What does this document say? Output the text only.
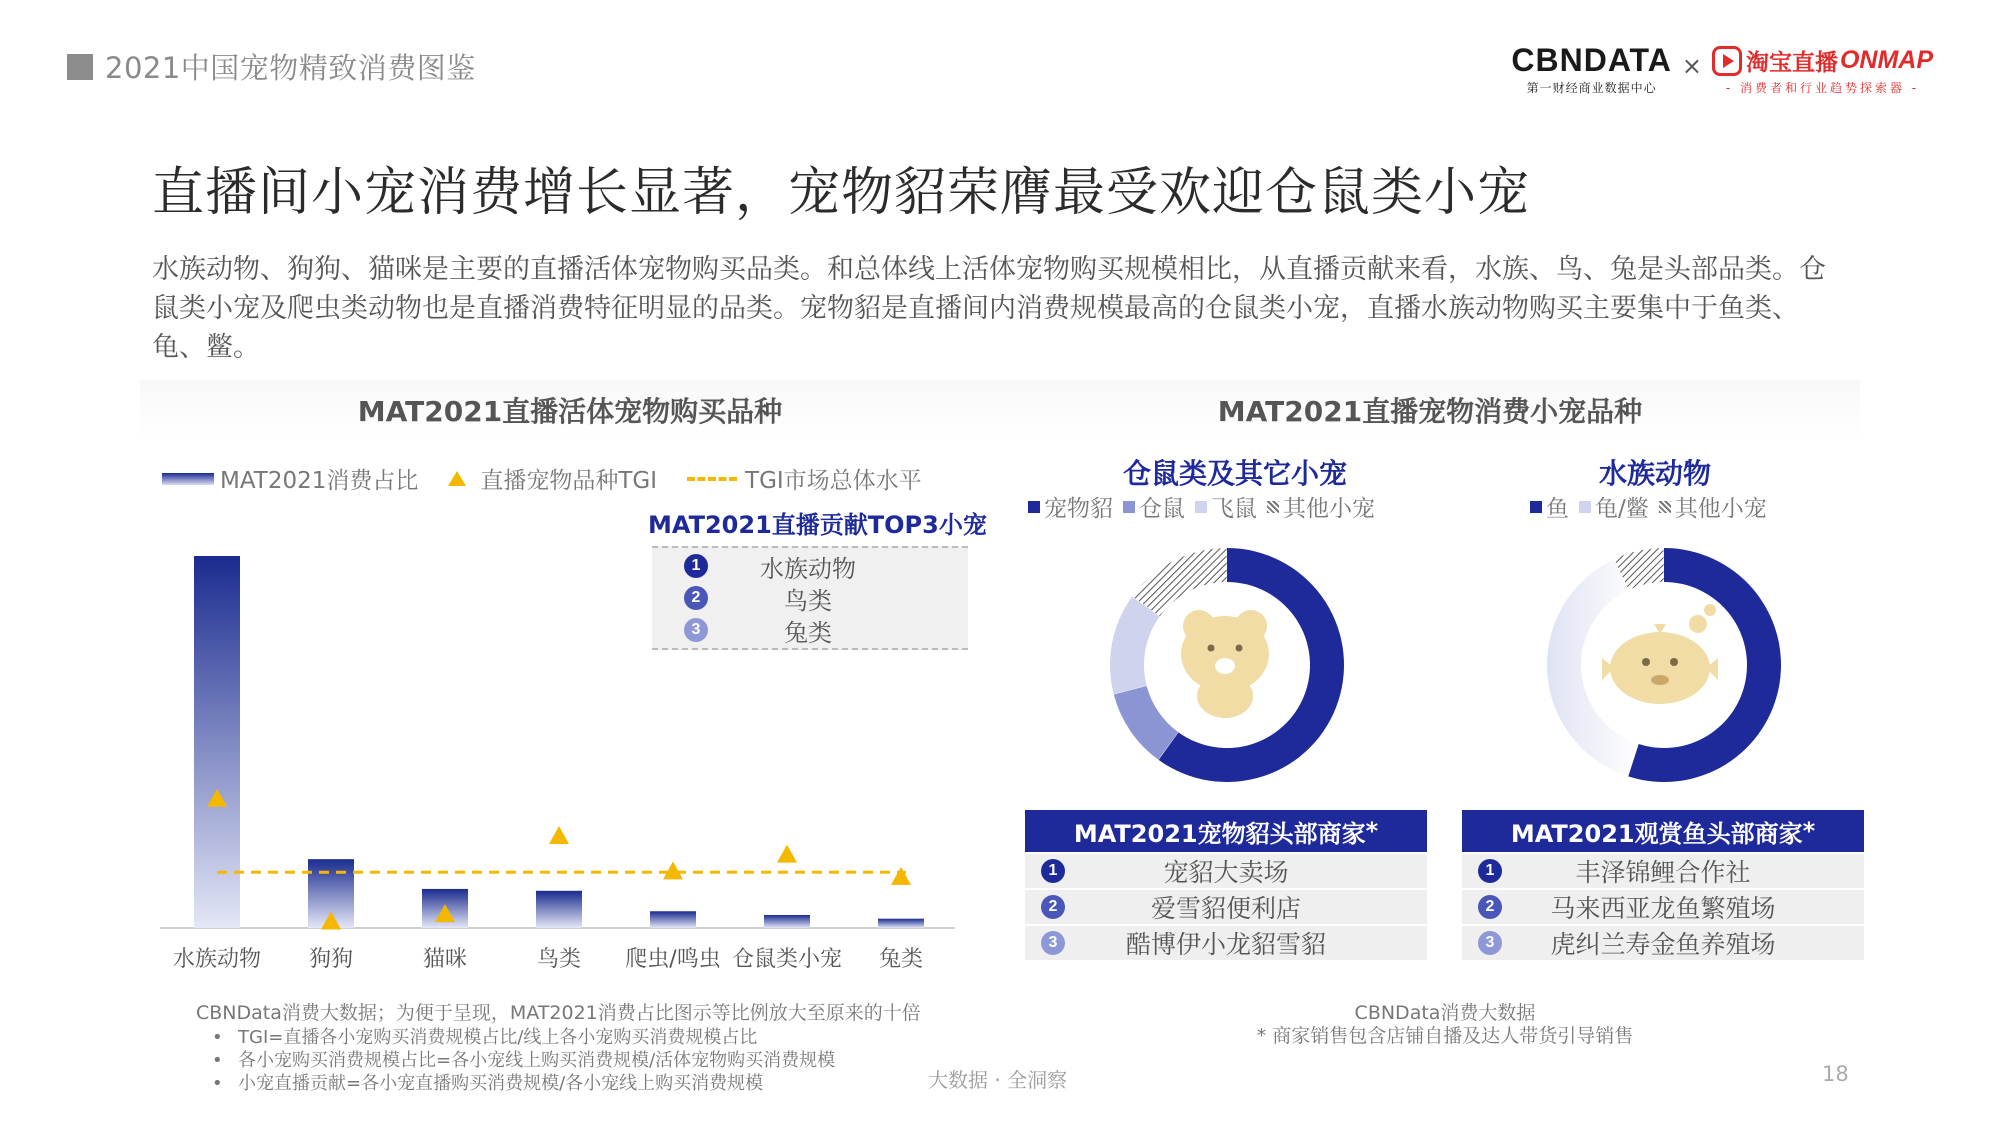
2021中国宠物精致消费图鉴	CBNDATA
第一财经商业数据中心
× 淘宝直播 ONMAP
- 消费者和行业趋势探索器 -
直播间小宠消费增长显著，宠物貂荣膺最受欢迎仓鼠类小宠
水族动物、狗狗、猫咪是主要的直播活体宠物购买品类。和总体线上活体宠物购买规模相比，从直播贡献来看，水族、鸟、兔是头部品类。仓鼠类小宠及爬虫类动物也是直播消费特征明显的品类。宠物貂是直播间内消费规模最高的仓鼠类小宠，直播水族动物购买主要集中于鱼类、龟、鳖。
MAT2021直播活体宠物购买品种	MAT2021直播宠物消费小宠品种
MAT2021消费占比	直播宠物品种TGI	TGI市场总体水平
MAT2021直播贡献TOP3小宠
1	水族动物
2	鸟类
3	兔类
仓鼠类及其它小宠
宠物貂 仓鼠 飞鼠 其他小宠
水族动物
鱼 龟/鳖 其他小宠
MAT2021宠物貂头部商家 *
1	宠貂大卖场
2	爱雪貂便利店
3	酷博伊小龙貂雪貂
MAT2021观赏鱼头部商家 *
1	丰泽锦鲤合作社
2	马来西亚龙鱼繁殖场
3	虎纠兰寿金鱼养殖场
水族动物 狗狗	猫咪	鸟类 爬虫/鸣虫 仓鼠类小宠 兔类
CBNData消费大数据；为便于呈现，MAT2021消费占比图示等比例放大至原来的十倍
• TGI=直播各小宠购买消费规模占比/线上各小宠购买消费规模占比
• 各小宠购买消费规模占比=各小宠线上购买消费规模/活体宠物购买消费规模
• 小宠直播贡献=各小宠直播购买消费规模/各小宠线上购买消费规模
CBNData消费大数据
* 商家销售包含店铺自播及达人带货引导销售
大数据 · 全洞察	18
